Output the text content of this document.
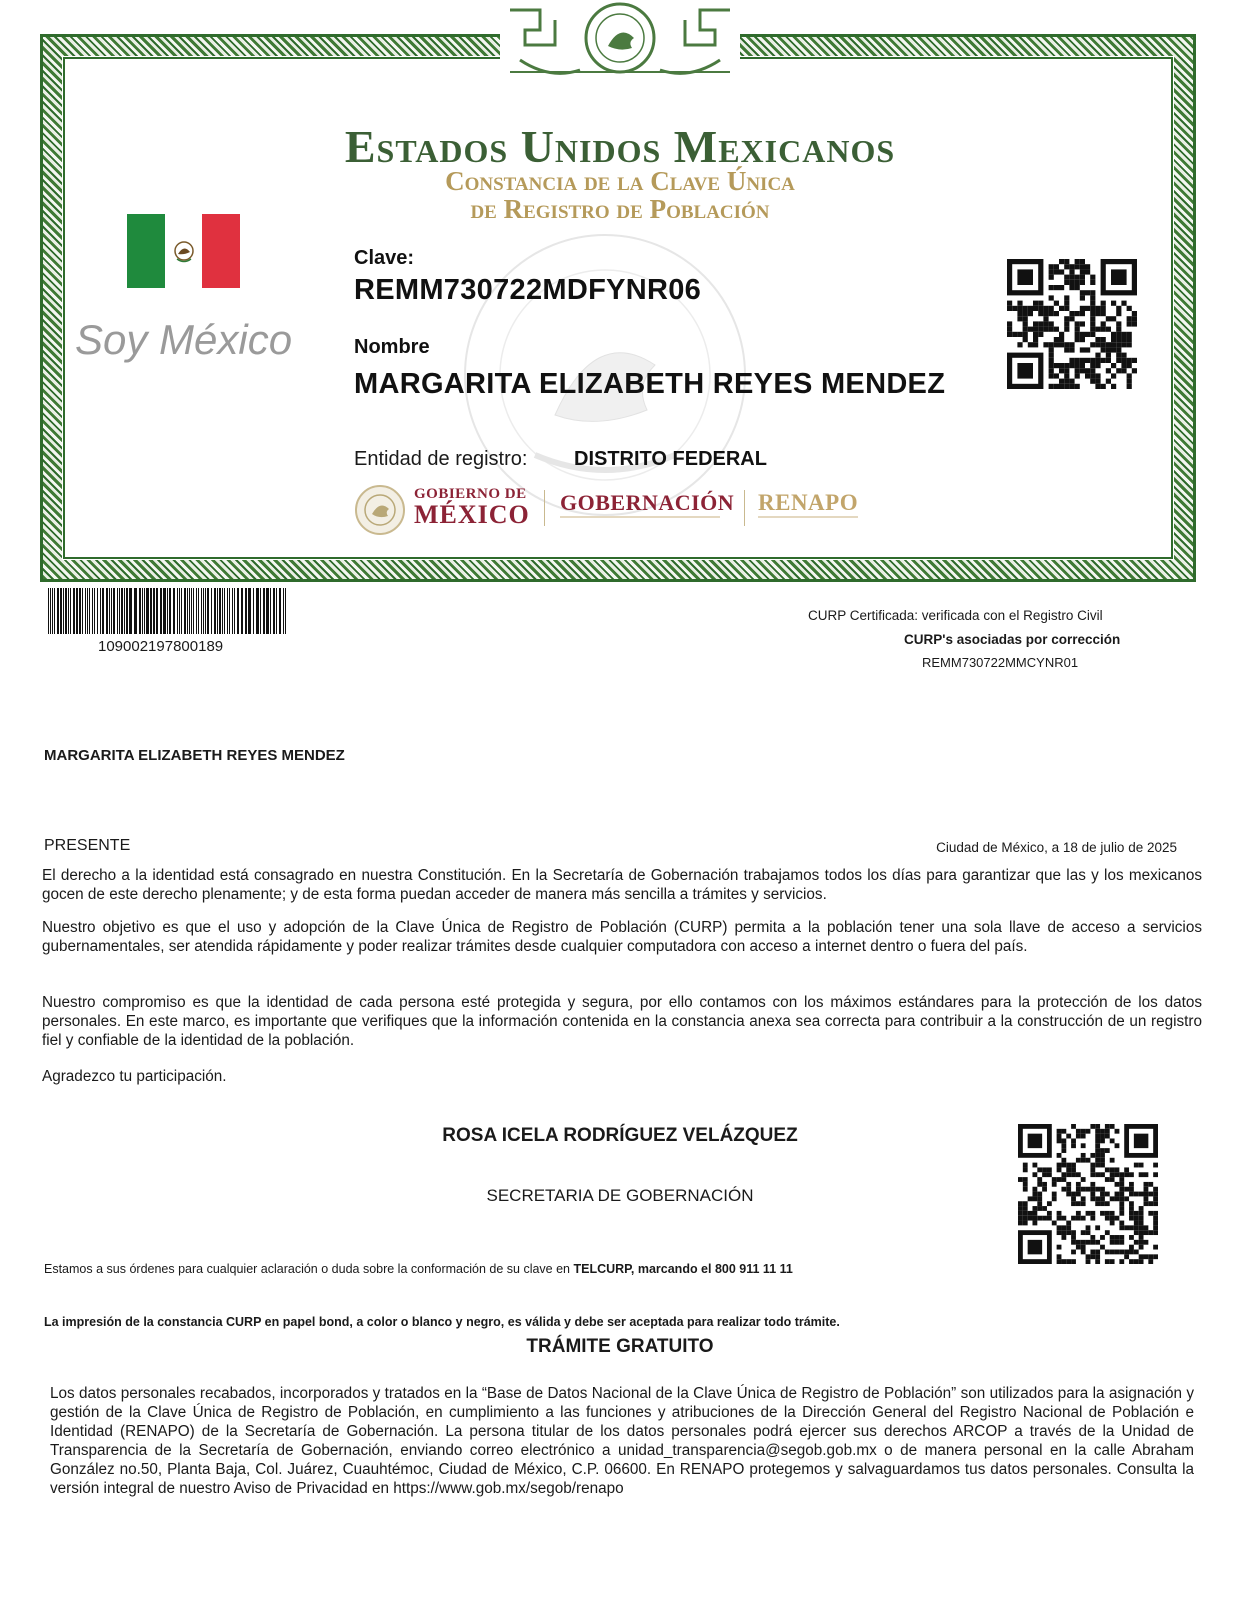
Estados Unidos Mexicanos
Constancia de la Clave Única
de Registro de Población
Soy México
Clave:
REMM730722MDFYNR06
Nombre
MARGARITA ELIZABETH REYES MENDEZ
Entidad de registro: DISTRITO FEDERAL
GOBIERNO DE
MÉXICO GOBERNACIÓN RENAPO
109002197800189
CURP Certificada: verificada con el Registro Civil
CURP's asociadas por corrección
REMM730722MMCYNR01
MARGARITA ELIZABETH REYES MENDEZ
PRESENTE	Ciudad de México, a 18 de julio de 2025
El derecho a la identidad está consagrado en nuestra Constitución. En la Secretaría de Gobernación trabajamos todos los días para garantizar que las y los mexicanos gocen de este derecho plenamente; y de esta forma puedan acceder de manera más sencilla a trámites y servicios.
Nuestro objetivo es que el uso y adopción de la Clave Única de Registro de Población (CURP) permita a la población tener una sola llave de acceso a servicios gubernamentales, ser atendida rápidamente y poder realizar trámites desde cualquier computadora con acceso a internet dentro o fuera del país.
Nuestro compromiso es que la identidad de cada persona esté protegida y segura, por ello contamos con los máximos estándares para la protección de los datos personales. En este marco, es importante que verifiques que la información contenida en la constancia anexa sea correcta para contribuir a la construcción de un registro fiel y confiable de la identidad de la población.
Agradezco tu participación.
ROSA ICELA RODRÍGUEZ VELÁZQUEZ
SECRETARIA DE GOBERNACIÓN
Estamos a sus órdenes para cualquier aclaración o duda sobre la conformación de su clave en TELCURP, marcando el 800 911 11 11
La impresión de la constancia CURP en papel bond, a color o blanco y negro, es válida y debe ser aceptada para realizar todo trámite.
TRÁMITE GRATUITO
Los datos personales recabados, incorporados y tratados en la “Base de Datos Nacional de la Clave Única de Registro de Población” son utilizados para la asignación y gestión de la Clave Única de Registro de Población, en cumplimiento a las funciones y atribuciones de la Dirección General del Registro Nacional de Población e Identidad (RENAPO) de la Secretaría de Gobernación. La persona titular de los datos personales podrá ejercer sus derechos ARCOP a través de la Unidad de Transparencia de la Secretaría de Gobernación, enviando correo electrónico a unidad_transparencia@segob.gob.mx o de manera personal en la calle Abraham González no.50, Planta Baja, Col. Juárez, Cuauhtémoc, Ciudad de México, C.P. 06600. En RENAPO protegemos y salvaguardamos tus datos personales. Consulta la versión integral de nuestro Aviso de Privacidad en https://www.gob.mx/segob/renapo
